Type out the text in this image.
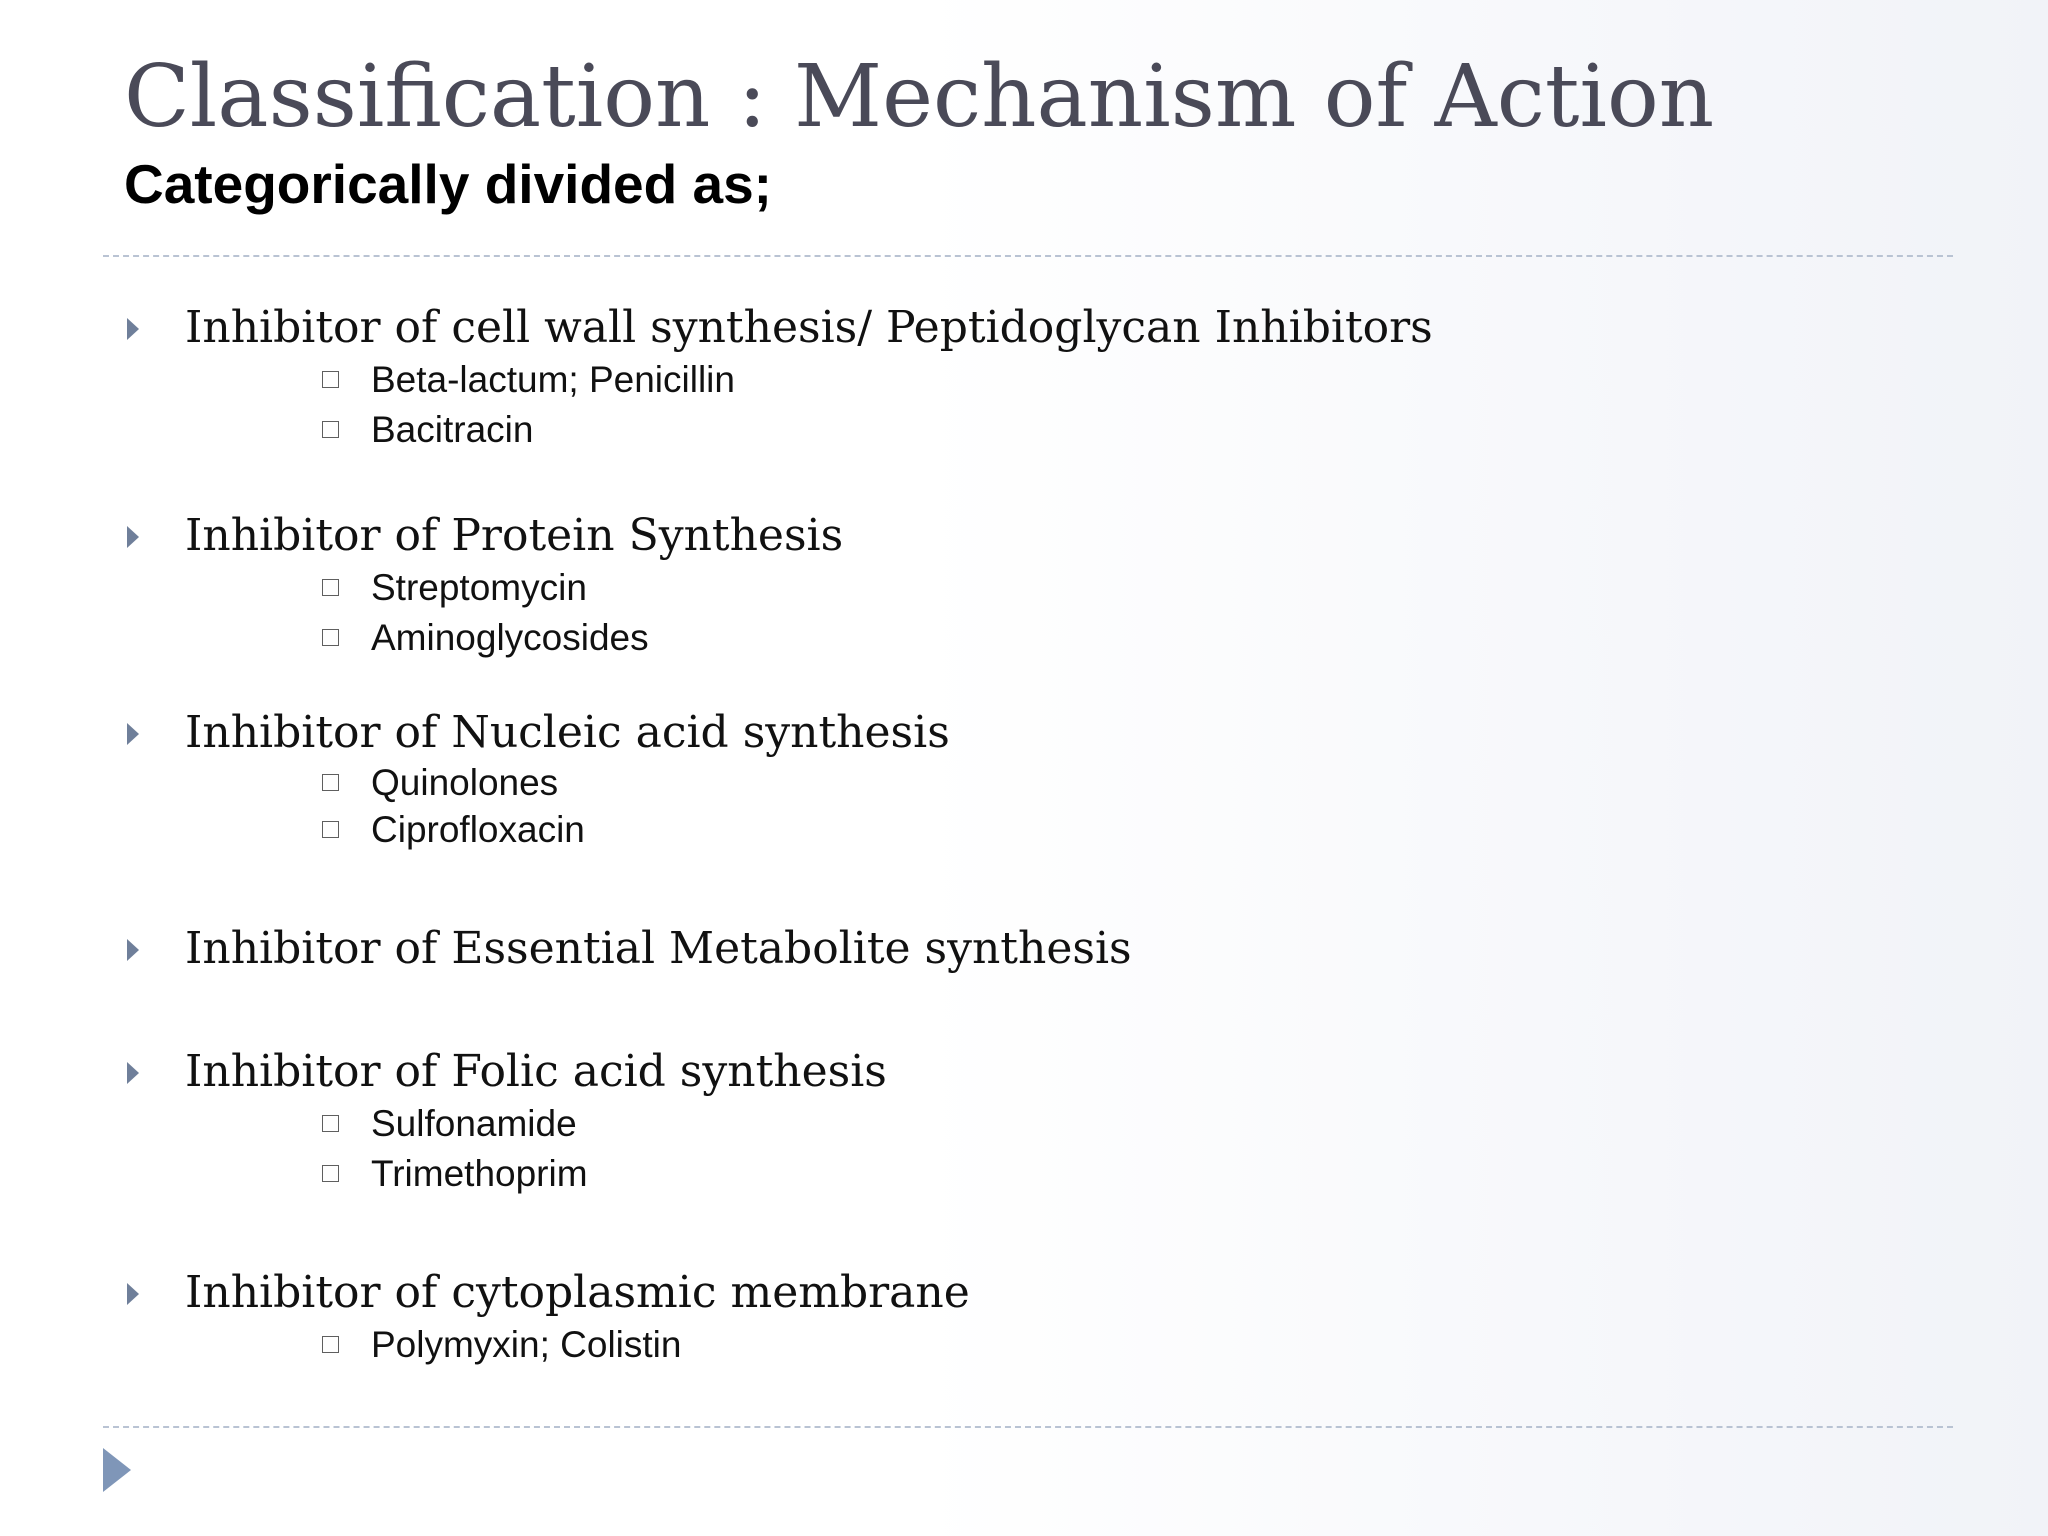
Classification : Mechanism of Action
Categorically divided as;
Inhibitor of cell wall synthesis/ Peptidoglycan Inhibitors
Beta-lactum; Penicillin
Bacitracin
Inhibitor of Protein Synthesis
Streptomycin
Aminoglycosides
Inhibitor of Nucleic acid synthesis
Quinolones
Ciprofloxacin
Inhibitor of Essential Metabolite synthesis
Inhibitor of Folic acid synthesis
Sulfonamide
Trimethoprim
Inhibitor of cytoplasmic membrane
Polymyxin; Colistin
